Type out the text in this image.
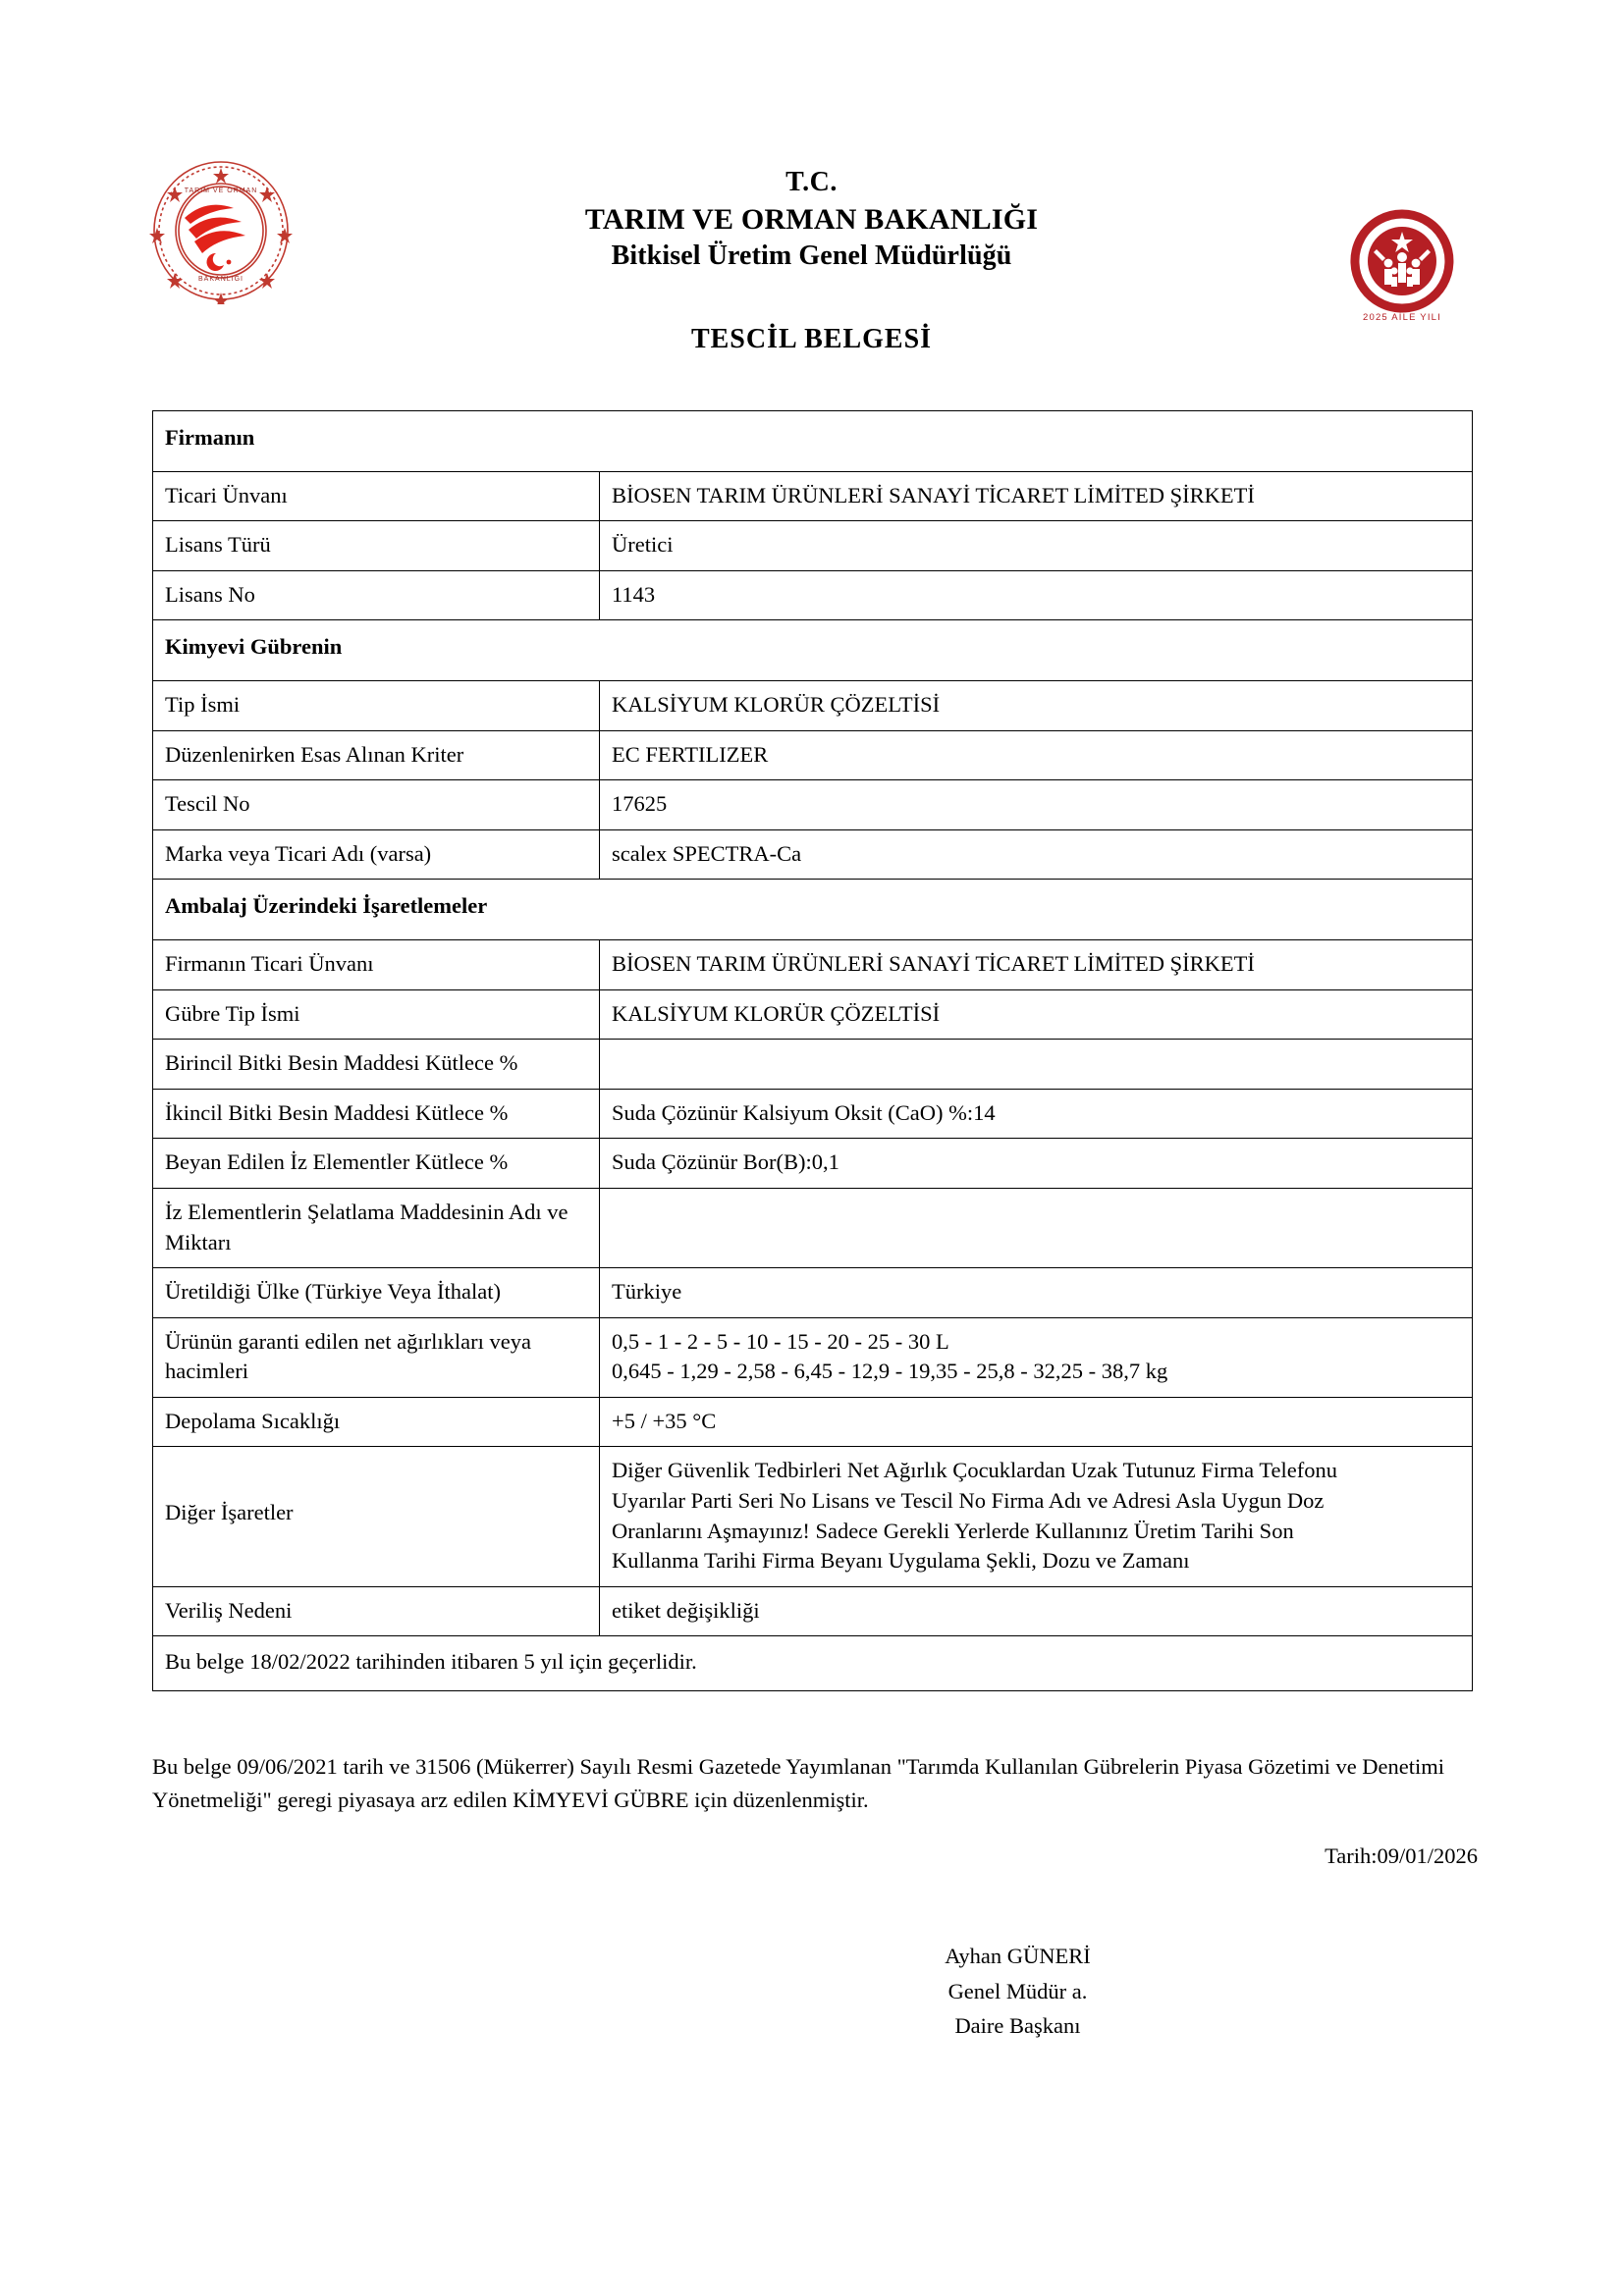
TARIM VE ORMAN
BAKANLIĞI
2025 AİLE YILI
T.C.
TARIM VE ORMAN BAKANLIĞI
Bitkisel Üretim Genel Müdürlüğü
TESCİL BELGESİ
Firmanın	
Ticari Ünvanı	BİOSEN TARIM ÜRÜNLERİ SANAYİ TİCARET LİMİTED ŞİRKETİ
Lisans Türü	Üretici
Lisans No	1143
Kimyevi Gübrenin	
Tip İsmi	KALSİYUM KLORÜR ÇÖZELTİSİ
Düzenlenirken Esas Alınan Kriter	EC FERTILIZER
Tescil No	17625
Marka veya Ticari Adı (varsa)	scalex SPECTRA-Ca
Ambalaj Üzerindeki İşaretlemeler	
Firmanın Ticari Ünvanı	BİOSEN TARIM ÜRÜNLERİ SANAYİ TİCARET LİMİTED ŞİRKETİ
Gübre Tip İsmi	KALSİYUM KLORÜR ÇÖZELTİSİ
Birincil Bitki Besin Maddesi Kütlece %	
İkincil Bitki Besin Maddesi Kütlece %	Suda Çözünür Kalsiyum Oksit (CaO) %:14
Beyan Edilen İz Elementler Kütlece %	Suda Çözünür Bor(B):0,1
İz Elementlerin Şelatlama Maddesinin Adı ve Miktarı	
Üretildiği Ülke (Türkiye Veya İthalat)	Türkiye
Ürünün garanti edilen net ağırlıkları veya hacimleri	0,5 - 1 - 2 - 5 - 10 - 15 - 20 - 25 - 30 L
0,645 - 1,29 - 2,58 - 6,45 - 12,9 - 19,35 - 25,8 - 32,25 - 38,7 kg

Depolama Sıcaklığı	+5 / +35 °C
Diğer İşaretler	Diğer Güvenlik Tedbirleri Net Ağırlık Çocuklardan Uzak Tutunuz Firma Telefonu
Uyarılar Parti Seri No Lisans ve Tescil No Firma Adı ve Adresi Asla Uygun Doz
Oranlarını Aşmayınız! Sadece Gerekli Yerlerde Kullanınız Üretim Tarihi Son
Kullanma Tarihi Firma Beyanı Uygulama Şekli, Dozu ve Zamanı

Veriliş Nedeni	etiket değişikliği
Bu belge 18/02/2022 tarihinden itibaren 5 yıl için geçerlidir.	
Bu belge 09/06/2021 tarih ve 31506 (Mükerrer) Sayılı Resmi Gazetede Yayımlanan "Tarımda Kullanılan Gübrelerin Piyasa Gözetimi ve Denetimi Yönetmeliği" geregi piyasaya arz edilen KİMYEVİ GÜBRE için düzenlenmiştir.
Tarih:09/01/2026
Ayhan GÜNERİ
Genel Müdür a.
Daire Başkanı
